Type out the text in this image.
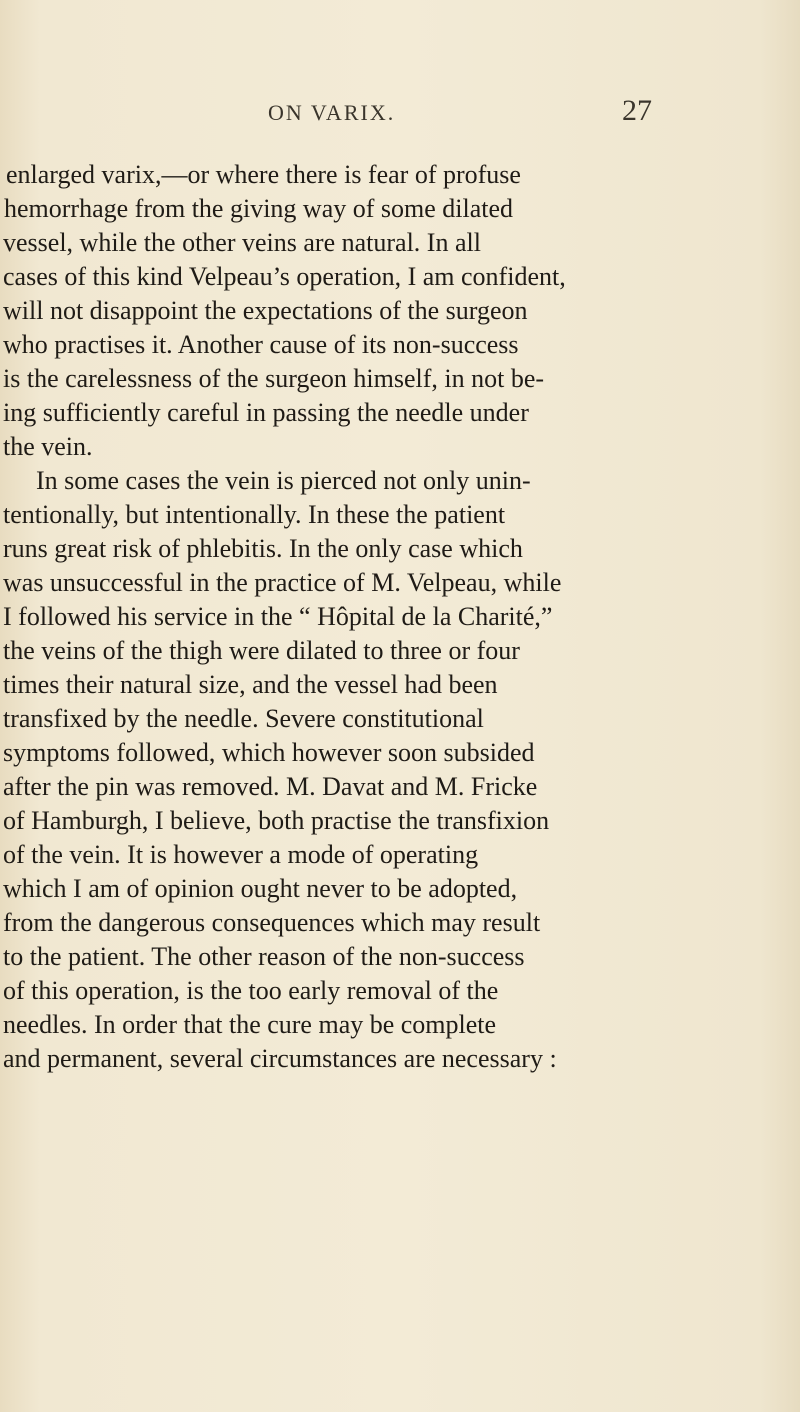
ON VARIX.	27
enlarged varix,—or where there is fear of profuse
hemorrhage from the giving way of some dilated
vessel, while the other veins are natural. In all
cases of this kind Velpeau’s operation, I am confident,
will not disappoint the expectations of the surgeon
who practises it. Another cause of its non-success
is the carelessness of the surgeon himself, in not be-
ing sufficiently careful in passing the needle under
the vein.
In some cases the vein is pierced not only unin-
tentionally, but intentionally. In these the patient
runs great risk of phlebitis. In the only case which
was unsuccessful in the practice of M. Velpeau, while
I followed his service in the “ Hôpital de la Charité,”
the veins of the thigh were dilated to three or four
times their natural size, and the vessel had been
transfixed by the needle. Severe constitutional
symptoms followed, which however soon subsided
after the pin was removed. M. Davat and M. Fricke
of Hamburgh, I believe, both practise the transfixion
of the vein. It is however a mode of operating
which I am of opinion ought never to be adopted,
from the dangerous consequences which may result
to the patient. The other reason of the non-success
of this operation, is the too early removal of the
needles. In order that the cure may be complete
and permanent, several circumstances are necessary :
